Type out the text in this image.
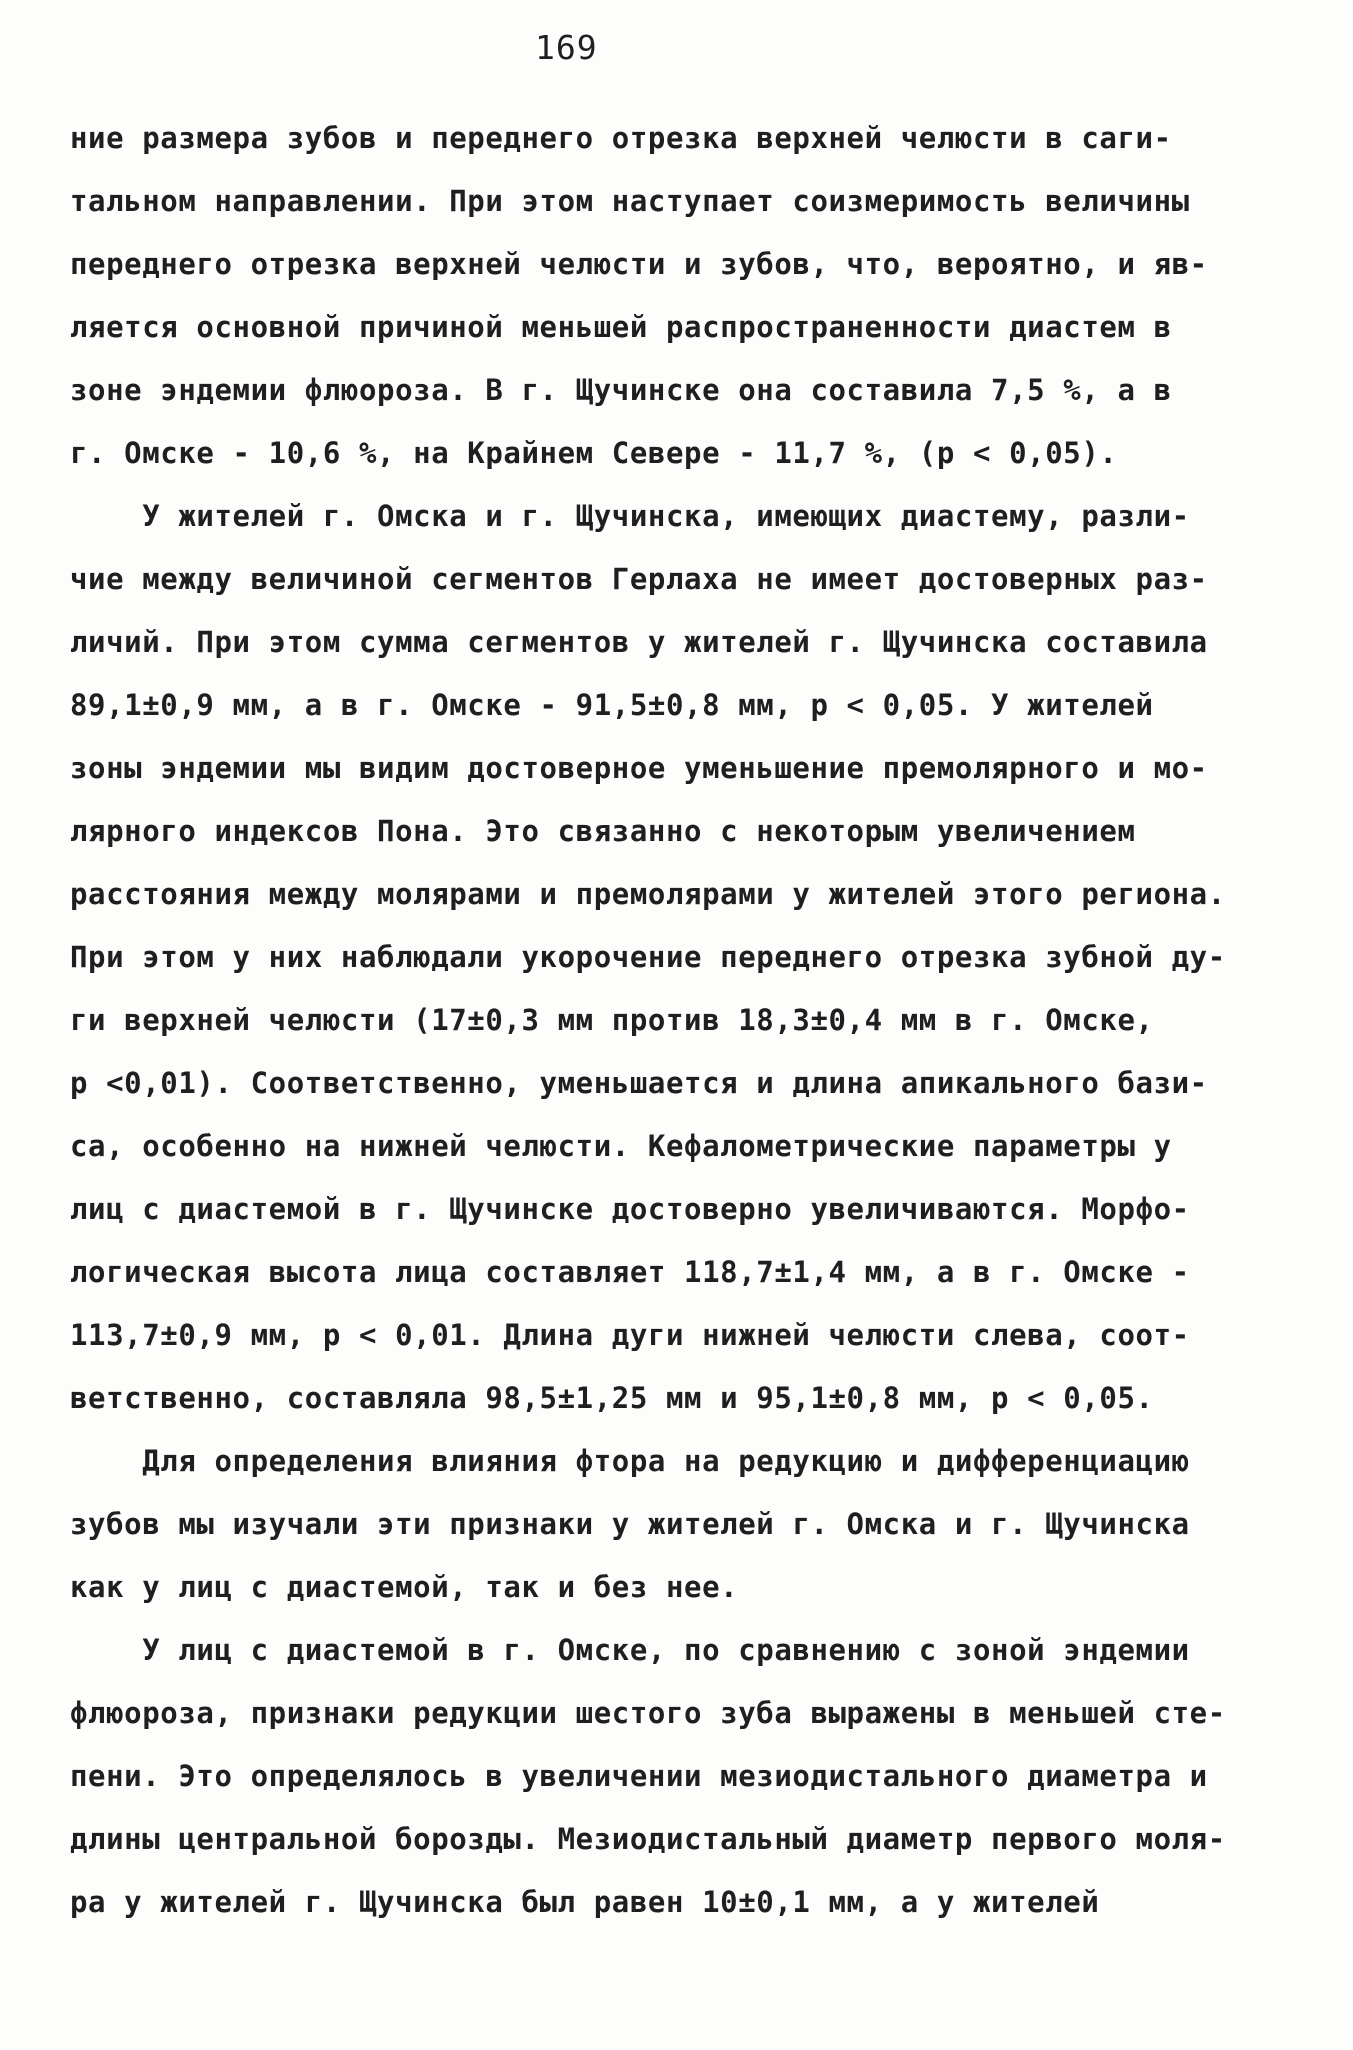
169
ние размера зубов и переднего отрезка верхней челюсти в саги-
тальном направлении. При этом наступает соизмеримость величины
переднего отрезка верхней челюсти и зубов, что, вероятно, и яв-
ляется основной причиной меньшей распространенности диастем в
зоне эндемии флюороза. В г. Щучинске она составила 7,5 %, а в
г. Омске - 10,6 %, на Крайнем Севере - 11,7 %, (р < 0,05).
У жителей г. Омска и г. Щучинска, имеющих диастему, разли-
чие между величиной сегментов Герлаха не имеет достоверных раз-
личий. При этом сумма сегментов у жителей г. Щучинска составила
89,1±0,9 мм, а в г. Омске - 91,5±0,8 мм, р < 0,05. У жителей
зоны эндемии мы видим достоверное уменьшение премолярного и мо-
лярного индексов Пона. Это связанно с некоторым увеличением
расстояния между молярами и премолярами у жителей этого региона.
При этом у них наблюдали укорочение переднего отрезка зубной ду-
ги верхней челюсти (17±0,3 мм против 18,3±0,4 мм в г. Омске,
р <0,01). Соответственно, уменьшается и длина апикального бази-
са, особенно на нижней челюсти. Кефалометрические параметры у
лиц с диастемой в г. Щучинске достоверно увеличиваются. Морфо-
логическая высота лица составляет 118,7±1,4 мм, а в г. Омске -
113,7±0,9 мм, р < 0,01. Длина дуги нижней челюсти слева, соот-
ветственно, составляла 98,5±1,25 мм и 95,1±0,8 мм, р < 0,05.
Для определения влияния фтора на редукцию и дифференциацию
зубов мы изучали эти признаки у жителей г. Омска и г. Щучинска
как у лиц с диастемой, так и без нее.
У лиц с диастемой в г. Омске, по сравнению с зоной эндемии
флюороза, признаки редукции шестого зуба выражены в меньшей сте-
пени. Это определялось в увеличении мезиодистального диаметра и
длины центральной борозды. Мезиодистальный диаметр первого моля-
ра у жителей г. Щучинска был равен 10±0,1 мм, а у жителей
